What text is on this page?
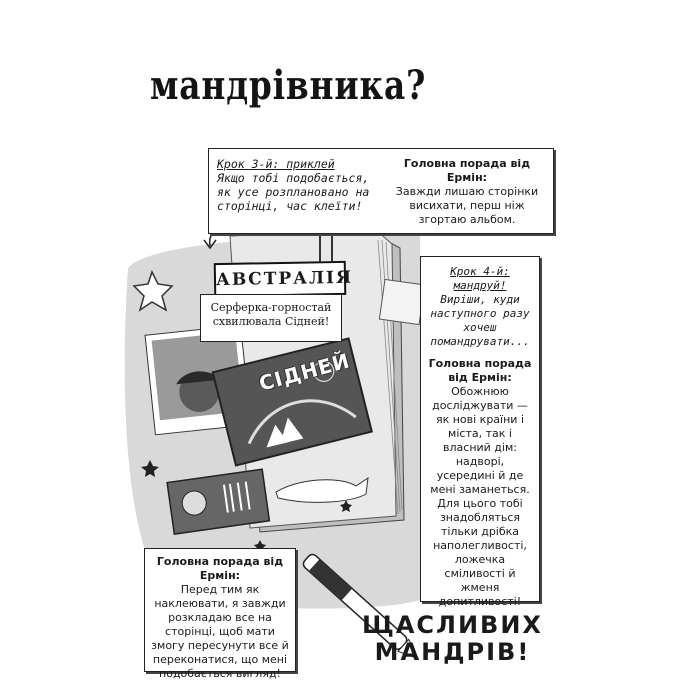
мандрівника?
Крок 3-й: приклей
Якщо тобі подобається, як усе розплановано на сторінці, час клеїти!
Головна порада від Ермін:
Завжди лишаю сторінки висихати, перш ніж згортаю альбом.
АВСТРАЛІЯ
Серферка-горностай схвилювала Сідней!
СІДНЕЙ
Крок 4-й: мандруй!
Виріши, куди наступного разу хочеш помандрувати...
Головна порада від Ермін:
Обожнюю досліджувати — як нові країни і міста, так і власний дім: надворі, усередині й де мені заманеться. Для цього тобі знадобляться тільки дрібка наполегливості, ложечка сміливості й жменя допитливості!
Головна порада від Ермін:
Перед тим як наклеювати, я завжди розкладаю все на сторінці, щоб мати змогу пересунути все й переконатися, що мені подобається вигляд!
ЩАСЛИВИХ
МАНДРІВ!
